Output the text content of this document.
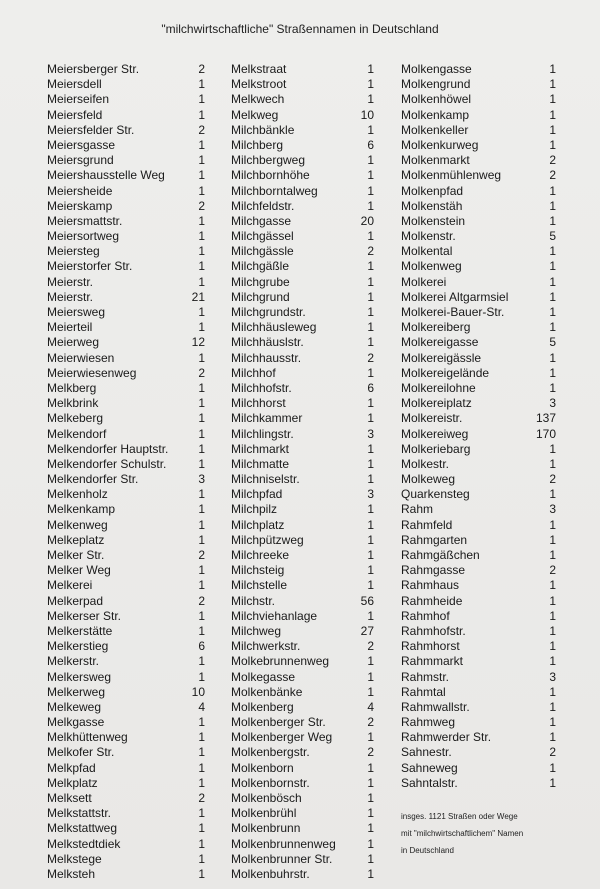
"milchwirtschaftliche" Straßennamen in Deutschland
Meiersberger Str.	2
Meiersdell	1
Meierseifen	1
Meiersfeld	1
Meiersfelder Str.	2
Meiersgasse	1
Meiersgrund	1
Meiershausstelle Weg	1
Meiersheide	1
Meierskamp	2
Meiersmattstr.	1
Meiersortweg	1
Meiersteg	1
Meierstorfer Str.	1
Meierstr.	1
Meierstr.	21
Meiersweg	1
Meierteil	1
Meierweg	12
Meierwiesen	1
Meierwiesenweg	2
Melkberg	1
Melkbrink	1
Melkeberg	1
Melkendorf	1
Melkendorfer Hauptstr. 1
Melkendorfer Schulstr.	1
Melkendorfer Str.	3
Melkenholz	1
Melkenkamp	1
Melkenweg	1
Melkeplatz	1
Melker Str.	2
Melker Weg	1
Melkerei	1
Melkerpad	2
Melkerser Str.	1
Melkerstätte	1
Melkerstieg	6
Melkerstr.	1
Melkersweg	1
Melkerweg	10
Melkeweg	4
Melkgasse	1
Melkhüttenweg	1
Melkofer Str.	1
Melkpfad	1
Melkplatz	1
Melksett	2
Melkstattstr.	1
Melkstattweg	1
Melkstedtdiek	1
Melkstege	1
Melksteh	1
Melkstraat	1
Melkstroot	1
Melkwech	1
Melkweg	10
Milchbänkle	1
Milchberg	6
Milchbergweg	1
Milchbornhöhe	1
Milchborntalweg	1
Milchfeldstr.	1
Milchgasse	20
Milchgässel	1
Milchgässle	2
Milchgäßle	1
Milchgrube	1
Milchgrund	1
Milchgrundstr.	1
Milchhäusleweg	1
Milchhäuslstr.	1
Milchhausstr.	2
Milchhof	1
Milchhofstr.	6
Milchhorst	1
Milchkammer	1
Milchlingstr.	3
Milchmarkt	1
Milchmatte	1
Milchniselstr.	1
Milchpfad	3
Milchpilz	1
Milchplatz	1
Milchpützweg	1
Milchreeke	1
Milchsteig	1
Milchstelle	1
Milchstr.	56
Milchviehanlage	1
Milchweg	27
Milchwerkstr.	2
Molkebrunnenweg	1
Molkegasse	1
Molkenbänke	1
Molkenberg	4
Molkenberger Str.	2
Molkenberger Weg	1
Molkenbergstr.	2
Molkenborn	1
Molkenbornstr.	1
Molkenbösch	1
Molkenbrühl	1
Molkenbrunn	1
Molkenbrunnenweg	1
Molkenbrunner Str.	1
Molkenbuhrstr.	1
Molkengasse	1
Molkengrund	1
Molkenhöwel	1
Molkenkamp	1
Molkenkeller	1
Molkenkurweg	1
Molkenmarkt	2
Molkenmühlenweg	2
Molkenpfad	1
Molkenstäh	1
Molkenstein	1
Molkenstr.	5
Molkental	1
Molkenweg	1
Molkerei	1
Molkerei Altgarmsiel	1
Molkerei-Bauer-Str.	1
Molkereiberg	1
Molkereigasse	5
Molkereigässle	1
Molkereigelände	1
Molkereilohne	1
Molkereiplatz	3
Molkereistr.	137
Molkereiweg	170
Molkeriebarg	1
Molkestr.	1
Molkeweg	2
Quarkensteg	1
Rahm	3
Rahmfeld	1
Rahmgarten	1
Rahmgäßchen	1
Rahmgasse	2
Rahmhaus	1
Rahmheide	1
Rahmhof	1
Rahmhofstr.	1
Rahmhorst	1
Rahmmarkt	1
Rahmstr.	3
Rahmtal	1
Rahmwallstr.	1
Rahmweg	1
Rahmwerder Str.	1
Sahnestr.	2
Sahneweg	1
Sahntalstr.	1
insges. 1121 Straßen oder Wege
mit "milchwirtschaftlichem" Namen
in Deutschland
